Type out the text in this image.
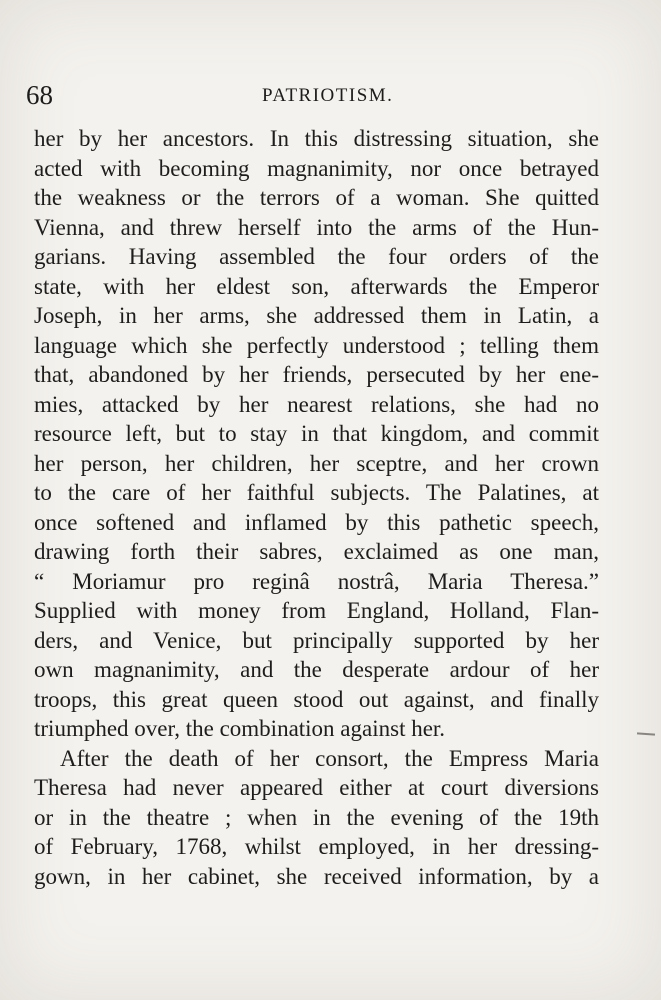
68	PATRIOTISM.
her by her ancestors. In this distressing situation, she
acted with becoming magnanimity, nor once betrayed
the weakness or the terrors of a woman. She quitted
Vienna, and threw herself into the arms of the Hun-
garians. Having assembled the four orders of the
state, with her eldest son, afterwards the Emperor
Joseph, in her arms, she addressed them in Latin, a
language which she perfectly understood ; telling them
that, abandoned by her friends, persecuted by her ene-
mies, attacked by her nearest relations, she had no
resource left, but to stay in that kingdom, and commit
her person, her children, her sceptre, and her crown
to the care of her faithful subjects. The Palatines, at
once softened and inflamed by this pathetic speech,
drawing forth their sabres, exclaimed as one man,
“ Moriamur pro reginâ nostrâ, Maria Theresa.”
Supplied with money from England, Holland, Flan-
ders, and Venice, but principally supported by her
own magnanimity, and the desperate ardour of her
troops, this great queen stood out against, and finally
triumphed over, the combination against her.
After the death of her consort, the Empress Maria
Theresa had never appeared either at court diversions
or in the theatre ; when in the evening of the 19th
of February, 1768, whilst employed, in her dressing-
gown, in her cabinet, she received information, by a
